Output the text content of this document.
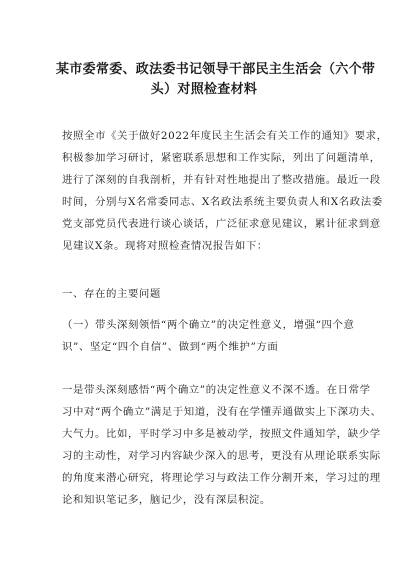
某市委常委、政法委书记领导干部民主生活会（六个带
头）对照检查材料
按照全市《关于做好2022年度民主生活会有关工作的通知》要求，
积极参加学习研讨，紧密联系思想和工作实际，列出了问题清单，
进行了深刻的自我剖析，并有针对性地提出了整改措施。最近一段
时间，分别与X名常委同志、X名政法系统主要负责人和X名政法委
党支部党员代表进行谈心谈话，广泛征求意见建议，累计征求到意
见建议X条。现将对照检查情况报告如下：
一、存在的主要问题
（一）带头深刻领悟“两个确立”的决定性意义，增强“四个意
识”、坚定“四个自信”、做到“两个维护”方面
一是带头深刻感悟“两个确立”的决定性意义不深不透。在日常学
习中对“两个确立”满足于知道，没有在学懂弄通做实上下深功夫、
大气力。比如，平时学习中多是被动学，按照文件通知学，缺少学
习的主动性，对学习内容缺少深入的思考，更没有从理论联系实际
的角度来潜心研究，将理论学习与政法工作分割开来，学习过的理
论和知识笔记多，脑记少，没有深层积淀。
